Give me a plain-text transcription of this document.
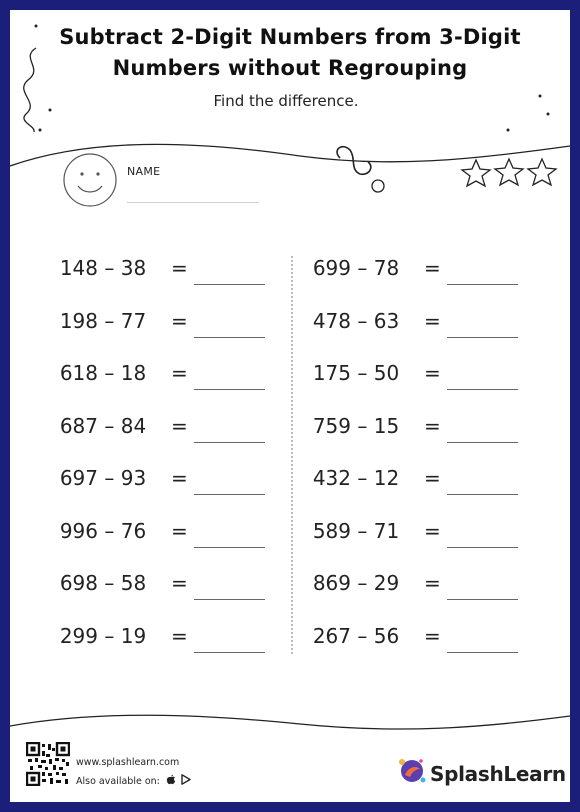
Subtract 2-Digit Numbers from 3-Digit
Numbers without Regrouping
Find the difference.
NAME
148 – 38	=
198 – 77	=
618 – 18	=
687 – 84	=
697 – 93	=
996 – 76	=
698 – 58	=
299 – 19	=
699 – 78	=
478 – 63	=
175 – 50	=
759 – 15	=
432 – 12	=
589 – 71	=
869 – 29	=
267 – 56	=
www.splashlearn.com
Also available on:	SplashLearn
